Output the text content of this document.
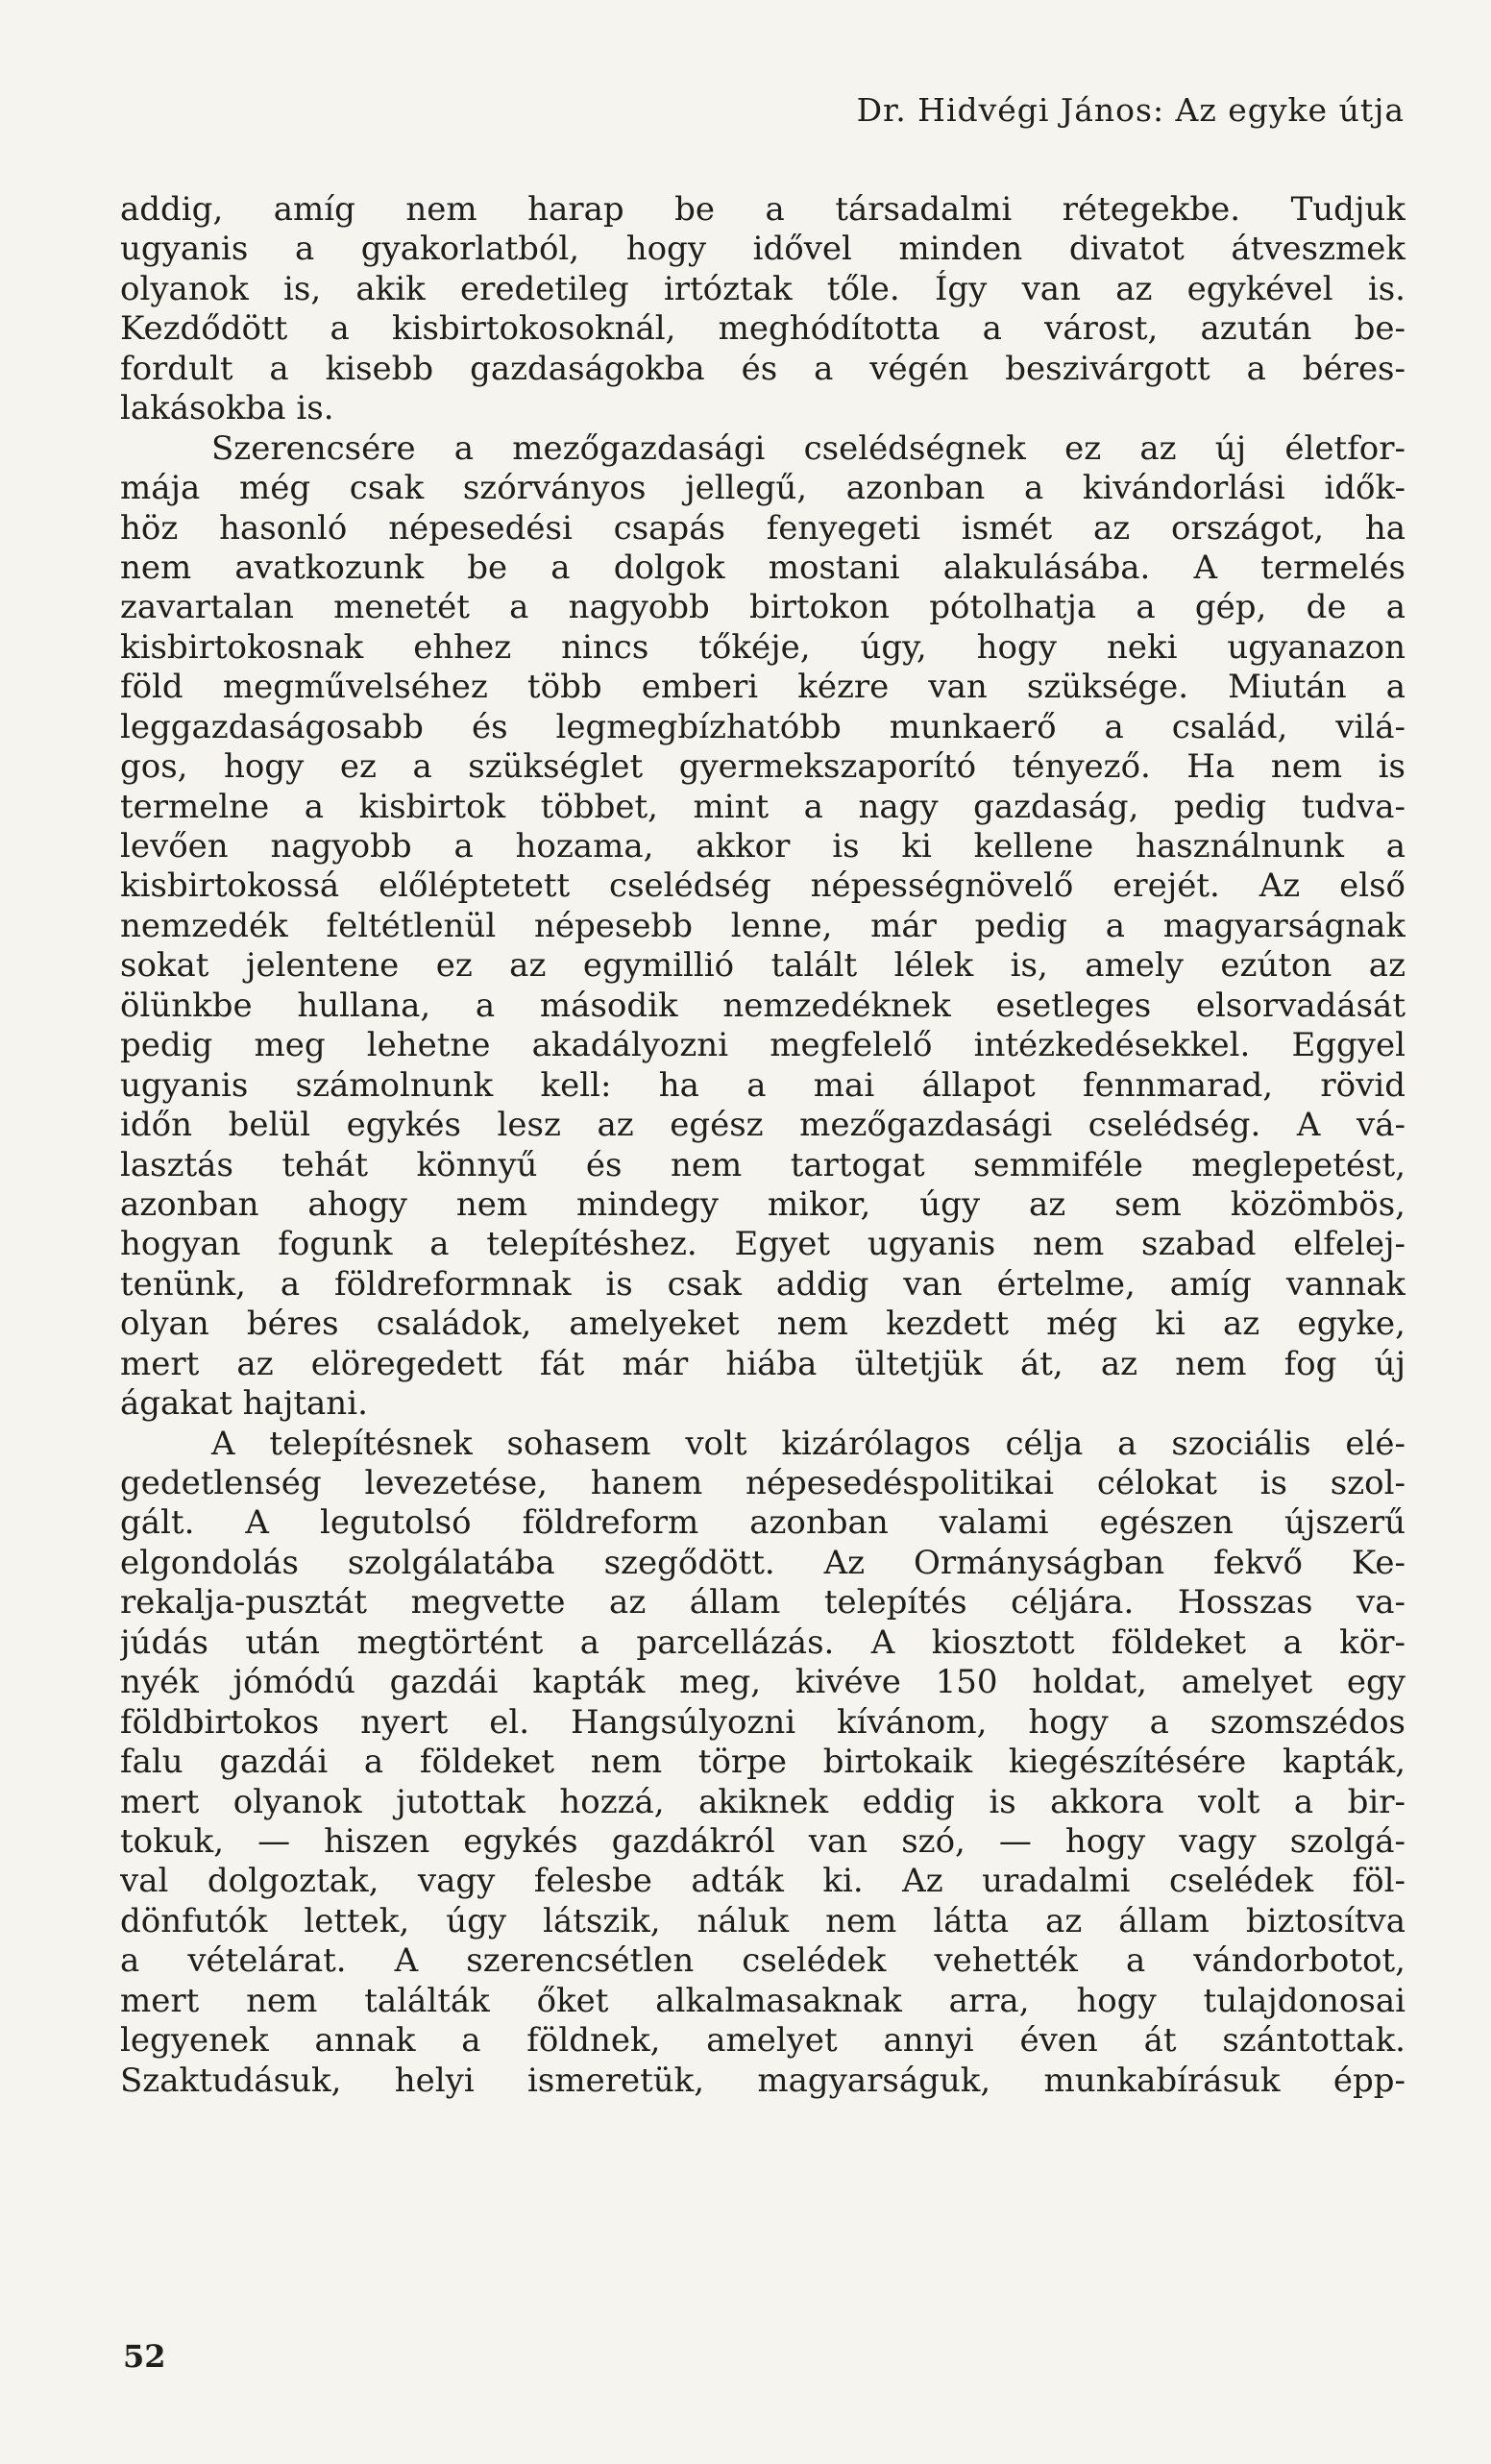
Dr. Hidvégi János: Az egyke útja
addig, amíg nem harap be a társadalmi rétegekbe. Tudjuk
ugyanis a gyakorlatból, hogy idővel minden divatot átveszmek
olyanok is, akik eredetileg irtóztak tőle. Így van az egykével is.
Kezdődött a kisbirtokosoknál, meghódította a várost, azután be-
fordult a kisebb gazdaságokba és a végén beszivárgott a béres-
lakásokba is.
Szerencsére a mezőgazdasági cselédségnek ez az új életfor-
mája még csak szórványos jellegű, azonban a kivándorlási idők-
höz hasonló népesedési csapás fenyegeti ismét az országot, ha
nem avatkozunk be a dolgok mostani alakulásába. A termelés
zavartalan menetét a nagyobb birtokon pótolhatja a gép, de a
kisbirtokosnak ehhez nincs tőkéje, úgy, hogy neki ugyanazon
föld megművelséhez több emberi kézre van szüksége. Miután a
leggazdaságosabb és legmegbízhatóbb munkaerő a család, vilá-
gos, hogy ez a szükséglet gyermekszaporító tényező. Ha nem is
termelne a kisbirtok többet, mint a nagy gazdaság, pedig tudva-
levően nagyobb a hozama, akkor is ki kellene használnunk a
kisbirtokossá előléptetett cselédség népességnövelő erejét. Az első
nemzedék feltétlenül népesebb lenne, már pedig a magyarságnak
sokat jelentene ez az egymillió talált lélek is, amely ezúton az
ölünkbe hullana, a második nemzedéknek esetleges elsorvadását
pedig meg lehetne akadályozni megfelelő intézkedésekkel. Eggyel
ugyanis számolnunk kell: ha a mai állapot fennmarad, rövid
időn belül egykés lesz az egész mezőgazdasági cselédség. A vá-
lasztás tehát könnyű és nem tartogat semmiféle meglepetést,
azonban ahogy nem mindegy mikor, úgy az sem közömbös,
hogyan fogunk a telepítéshez. Egyet ugyanis nem szabad elfelej-
tenünk, a földreformnak is csak addig van értelme, amíg vannak
olyan béres családok, amelyeket nem kezdett még ki az egyke,
mert az elöregedett fát már hiába ültetjük át, az nem fog új
ágakat hajtani.
A telepítésnek sohasem volt kizárólagos célja a szociális elé-
gedetlenség levezetése, hanem népesedéspolitikai célokat is szol-
gált. A legutolsó földreform azonban valami egészen újszerű
elgondolás szolgálatába szegődött. Az Ormányságban fekvő Ke-
rekalja-pusztát megvette az állam telepítés céljára. Hosszas va-
júdás után megtörtént a parcellázás. A kiosztott földeket a kör-
nyék jómódú gazdái kapták meg, kivéve 150 holdat, amelyet egy
földbirtokos nyert el. Hangsúlyozni kívánom, hogy a szomszédos
falu gazdái a földeket nem törpe birtokaik kiegészítésére kapták,
mert olyanok jutottak hozzá, akiknek eddig is akkora volt a bir-
tokuk, — hiszen egykés gazdákról van szó, — hogy vagy szolgá-
val dolgoztak, vagy felesbe adták ki. Az uradalmi cselédek föl-
dönfutók lettek, úgy látszik, náluk nem látta az állam biztosítva
a vételárat. A szerencsétlen cselédek vehették a vándorbotot,
mert nem találták őket alkalmasaknak arra, hogy tulajdonosai
legyenek annak a földnek, amelyet annyi éven át szántottak.
Szaktudásuk, helyi ismeretük, magyarságuk, munkabírásuk épp-
52
